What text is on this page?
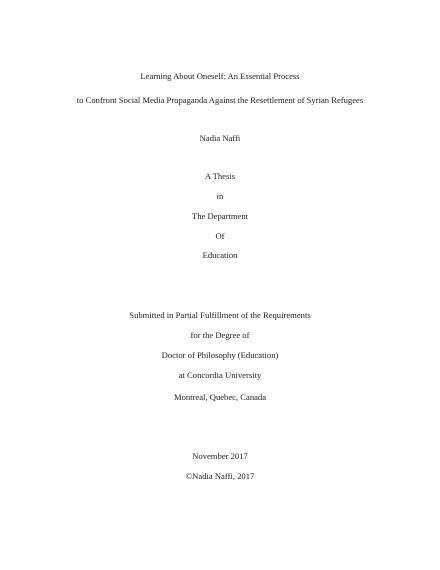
Learning About Oneself: An Essential Process
to Confront Social Media Propaganda Against the Resettlement of Syrian Refugees
Nadia Naffi
A Thesis
in
The Department
Of
Education
Submitted in Partial Fulfillment of the Requirements
for the Degree of
Doctor of Philosophy (Education)
at Concordia University
Montreal, Quebec, Canada
November 2017
©Nadia Naffi, 2017
